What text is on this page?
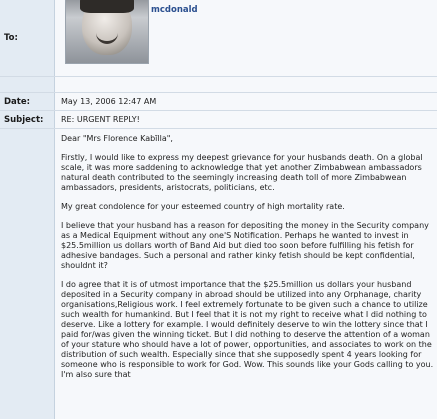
To:
mcdonald
Date:	May 13, 2006 12:47 AM
Subject: RE: URGENT REPLY!

Dear "Mrs Florence Kabīlla",

Firstly, I would like to express my deepest grievance for your husbands death. On a global scale, it was more saddening to acknowledge that yet another Zimbabwean ambassadors natural death contributed to the seemingly increasing death toll of more Zimbabwean ambassadors, presidents, aristocrats, politicians, etc.

My great condolence for your esteemed country of high mortality rate.

I believe that your husband has a reason for depositing the money in the Security company as a Medical Equipment without any one'S Notification. Perhaps he wanted to invest in $25.5million us dollars worth of Band Aid but died too soon before fulfilling his fetish for adhesive bandages. Such a personal and rather kinky fetish should be kept confidential, shouldnt it?

I do agree that it is of utmost importance that the $25.5million us dollars your husband deposited in a Security company in abroad should be utilized into any Orphanage, charity organisations,Religious work. I feel extremely fortunate to be given such a chance to utilize such wealth for humankind. But I feel that it is not my right to receive what I did nothing to deserve. Like a lottery for example. I would definitely deserve to win the lottery since that I paid for/was given the winning ticket. But I did nothing to deserve the attention of a woman of your stature who should have a lot of power, opportunities, and associates to work on the distribution of such wealth. Especially since that she supposedly spent 4 years looking for someone who is responsible to work for God. Wow. This sounds like your Gods calling to you. I'm also sure that
